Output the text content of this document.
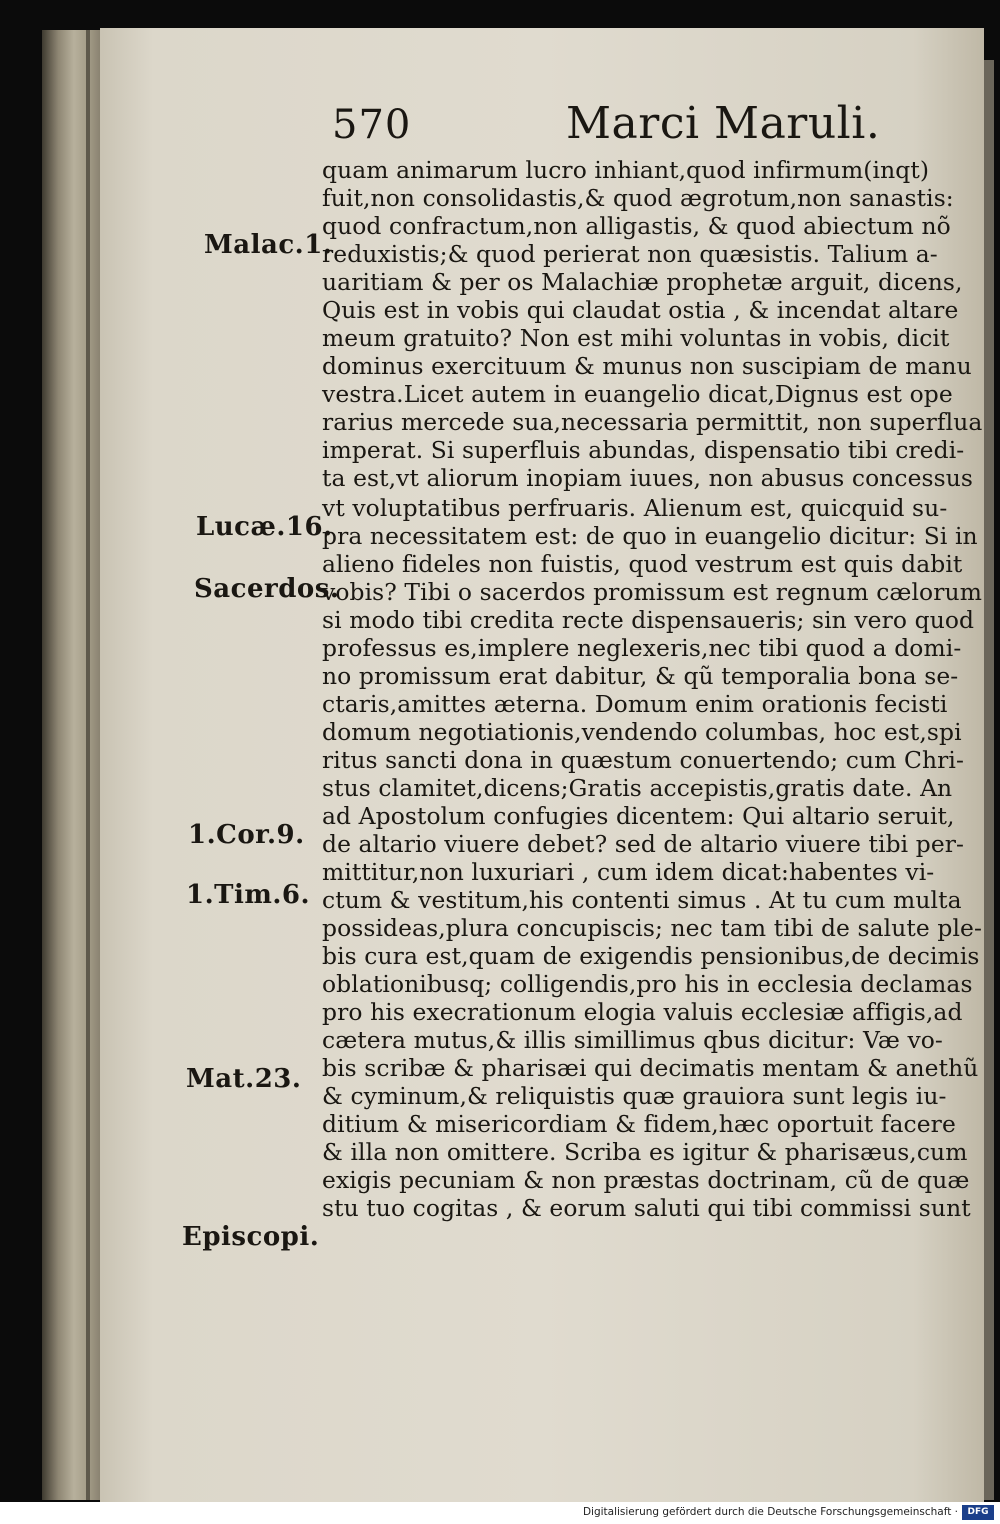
570	Marci Maruli.
Malac.1.
Lucæ.16.
Sacerdos.
1.Cor.9.
1.Tim.6.
Mat.23.
Episcopi.
quam animarum lucro inhiant,quod infirmum(inqt)
fuit,non consolidastis,& quod ægrotum,non sanastis:
quod confractum,non alligastis, & quod abiectum nõ
reduxistis;& quod perierat non quæsistis. Talium a-
uaritiam & per os Malachiæ prophetæ arguit, dicens,
Quis est in vobis qui claudat ostia , & incendat altare
meum gratuito? Non est mihi voluntas in vobis, dicit
dominus exercituum & munus non suscipiam de manu
vestra.Licet autem in euangelio dicat,Dignus est ope
rarius mercede sua,necessaria permittit, non superflua
imperat. Si superfluis abundas, dispensatio tibi credi-
ta est,vt aliorum inopiam iuues, non abusus concessus
vt voluptatibus perfruaris. Alienum est, quicquid su-
pra necessitatem est: de quo in euangelio dicitur: Si in
alieno fideles non fuistis, quod vestrum est quis dabit
vobis? Tibi o sacerdos promissum est regnum cælorum
si modo tibi credita recte dispensaueris; sin vero quod
professus es,implere neglexeris,nec tibi quod a domi-
no promissum erat dabitur, & qũ temporalia bona se-
ctaris,amittes æterna. Domum enim orationis fecisti
domum negotiationis,vendendo columbas, hoc est,spi
ritus sancti dona in quæstum conuertendo; cum Chri-
stus clamitet,dicens;Gratis accepistis,gratis date. An
ad Apostolum confugies dicentem: Qui altario seruit,
de altario viuere debet? sed de altario viuere tibi per-
mittitur,non luxuriari , cum idem dicat:habentes vi-
ctum & vestitum,his contenti simus . At tu cum multa
possideas,plura concupiscis; nec tam tibi de salute ple-
bis cura est,quam de exigendis pensionibus,de decimis
oblationibusq; colligendis,pro his in ecclesia declamas
pro his execrationum elogia valuis ecclesiæ affigis,ad
cætera mutus,& illis simillimus qbus dicitur: Væ vo-
bis scribæ & pharisæi qui decimatis mentam & anethũ
& cyminum,& reliquistis quæ grauiora sunt legis iu-
ditium & misericordiam & fidem,hæc oportuit facere
& illa non omittere. Scriba es igitur & pharisæus,cum
exigis pecuniam & non præstas doctrinam, cũ de quæ
stu tuo cogitas , & eorum saluti qui tibi commissi sunt
Digitalisierung gefördert durch die Deutsche Forschungsgemeinschaft ·	DFG
